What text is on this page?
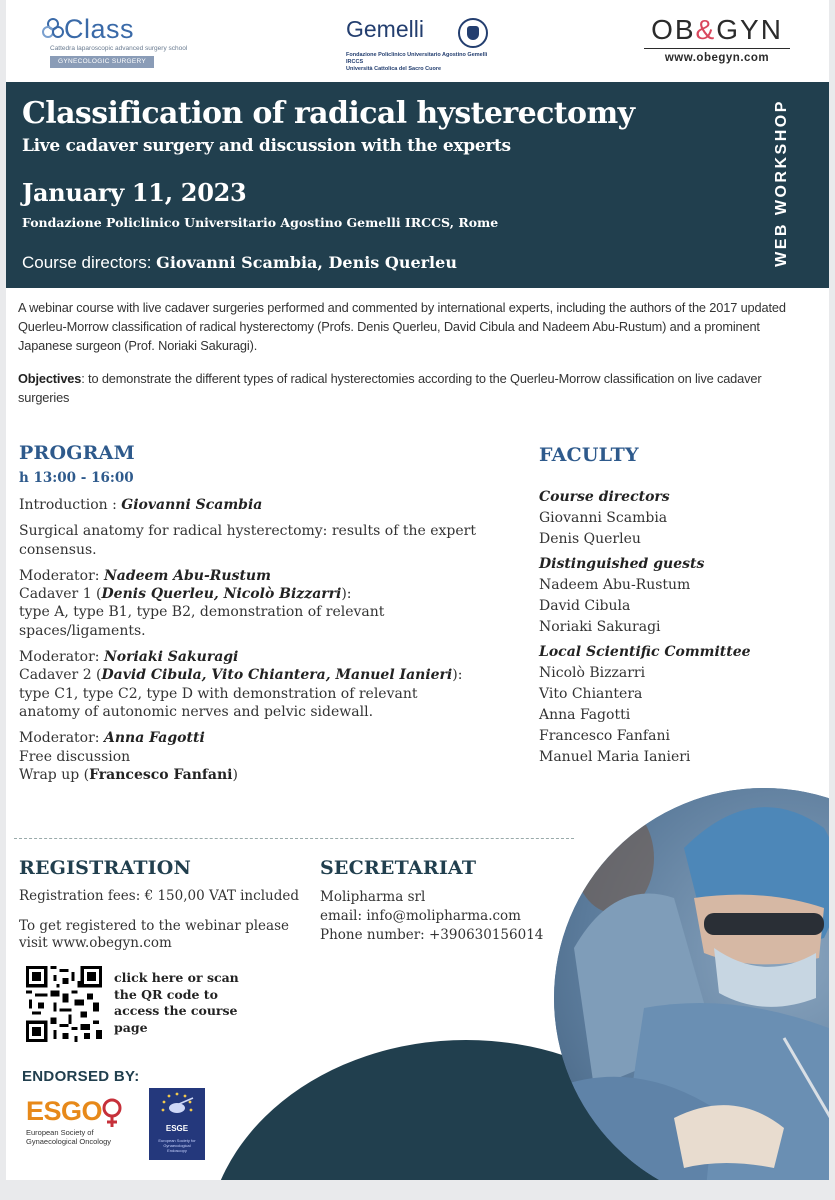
Class
Cattedra laparoscopic advanced surgery school
GYNECOLOGIC SURGERY
Gemelli
Fondazione Policlinico Universitario Agostino Gemelli IRCCS
Università Cattolica del Sacro Cuore
OB&GYN
www.obegyn.com
Classification of radical hysterectomy
Live cadaver surgery and discussion with the experts
January 11, 2023
Fondazione Policlinico Universitario Agostino Gemelli IRCCS, Rome
Course directors: Giovanni Scambia, Denis Querleu	WEB WORKSHOP
A webinar course with live cadaver surgeries performed and commented by international experts, including the authors of the 2017 updated Querleu-Morrow classification of radical hysterectomy (Profs. Denis Querleu, David Cibula and Nadeem Abu-Rustum) and a prominent Japanese surgeon (Prof. Noriaki Sakuragi).
Objectives: to demonstrate the different types of radical hysterectomies according to the Querleu-Morrow classification on live cadaver surgeries
PROGRAM
h 13:00 - 16:00

Introduction : Giovanni Scambia

Surgical anatomy for radical hysterectomy: results of the expert consensus.

Moderator: Nadeem Abu-Rustum
Cadaver 1 (Denis Querleu, Nicolò Bizzarri):
type A, type B1, type B2, demonstration of relevant spaces/ligaments.

Moderator: Noriaki Sakuragi
Cadaver 2 (David Cibula, Vito Chiantera, Manuel Ianieri):
type C1, type C2, type D with demonstration of relevant anatomy of autonomic nerves and pelvic sidewall.

Moderator: Anna Fagotti
Free discussion
Wrap up (Francesco Fanfani)

FACULTY
Course directors
Giovanni Scambia
Denis Querleu
Distinguished guests
Nadeem Abu-Rustum
David Cibula
Noriaki Sakuragi
Local Scientific Committee
Nicolò Bizzarri
Vito Chiantera
Anna Fagotti
Francesco Fanfani
Manuel Maria Ianieri
REGISTRATION
Registration fees: € 150,00 VAT included
To get registered to the webinar please visit www.obegyn.com
click here or scan the QR code to access the course page
SECRETARIAT
Molipharma srl
email: info@molipharma.com
Phone number: +390630156014
ENDORSED BY:
ESGO
European Society of
Gynaecological Oncology
ESGE
European Society for Gynaecological Endoscopy
